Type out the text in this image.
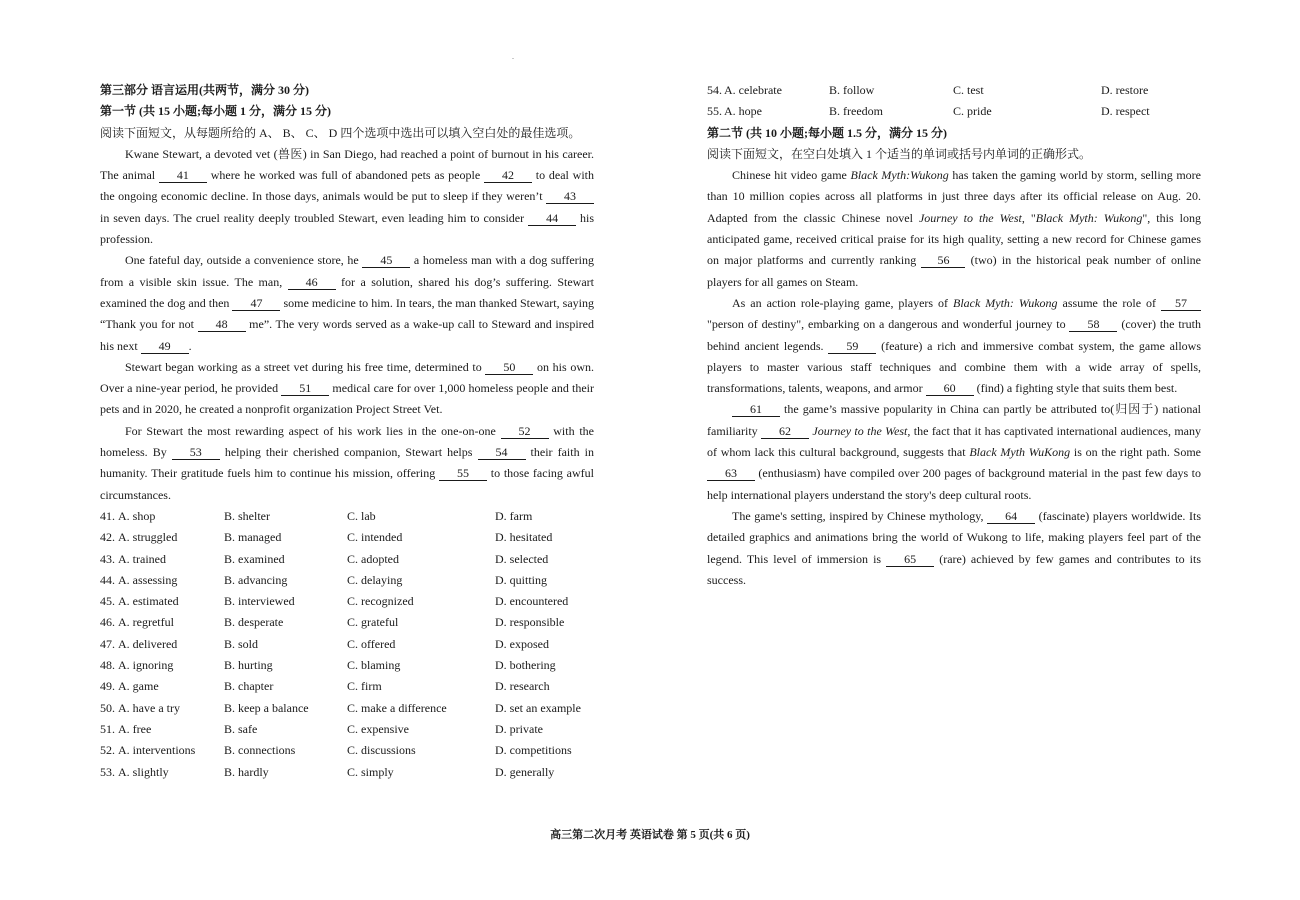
.
第三部分 语言运用(共两节，满分 30 分)
第一节 (共 15 小题;每小题 1 分，满分 15 分)

阅读下面短文，从每题所给的 A、 B、 C、 D 四个选项中选出可以填入空白处的最佳选项。

Kwane Stewart, a devoted vet (兽医) in San Diego, had reached a point of burnout in his career. The animal 41 where he worked was full of abandoned pets as people 42 to deal with the ongoing economic decline. In those days, animals would be put to sleep if they weren’t 43 in seven days. The cruel reality deeply troubled Stewart, even leading him to consider 44 his profession.

One fateful day, outside a convenience store, he 45 a homeless man with a dog suffering from a visible skin issue. The man, 46 for a solution, shared his dog’s suffering. Stewart examined the dog and then 47 some medicine to him. In tears, the man thanked Stewart, saying “Thank you for not 48 me”. The very words served as a wake-up call to Steward and inspired his next 49 .

Stewart began working as a street vet during his free time, determined to 50 on his own. Over a nine-year period, he provided 51 medical care for over 1,000 homeless people and their pets and in 2020, he created a nonprofit organization Project Street Vet.

For Stewart the most rewarding aspect of his work lies in the one-on-one 52 with the homeless. By 53 helping their cherished companion, Stewart helps 54 their faith in humanity. Their gratitude fuels him to continue his mission, offering 55 to those facing awful circumstances.

41. A. shop	B. shelter	C. lab	D. farm
42. A. struggled	B. managed	C. intended	D. hesitated
43. A. trained	B. examined	C. adopted	D. selected
44. A. assessing	B. advancing	C. delaying	D. quitting
45. A. estimated	B. interviewed	C. recognized	D. encountered
46. A. regretful	B. desperate	C. grateful	D. responsible
47. A. delivered	B. sold	C. offered	D. exposed
48. A. ignoring	B. hurting	C. blaming	D. bothering
49. A. game	B. chapter	C. firm	D. research
50. A. have a try	B. keep a balance	C. make a difference	D. set an example
51. A. free	B. safe	C. expensive	D. private
52. A. interventions B. connections	C. discussions	D. competitions
53. A. slightly	B. hardly	C. simply	D. generally
54. A. celebrate	B. follow	C. test	D. restore
55. A. hope	B. freedom	C. pride	D. respect
第二节 (共 10 小题;每小题 1.5 分，满分 15 分)
阅读下面短文，在空白处填入 1 个适当的单词或括号内单词的正确形式。

Chinese hit video game Black Myth:Wukong has taken the gaming world by storm, selling more than 10 million copies across all platforms in just three days after its official release on Aug. 20. Adapted from the classic Chinese novel Journey to the West, "Black Myth: Wukong", this long anticipated game, received critical praise for its high quality, setting a new record for Chinese games on major platforms and currently ranking 56 (two) in the historical peak number of online players for all games on Steam.

As an action role-playing game, players of Black Myth: Wukong assume the role of 57 "person of destiny", embarking on a dangerous and wonderful journey to 58 (cover) the truth behind ancient legends. 59 (feature) a rich and immersive combat system, the game allows players to master various staff techniques and combine them with a wide array of spells, transformations, talents, weapons, and armor 60 (find) a fighting style that suits them best.

61 the game’s massive popularity in China can partly be attributed to(归因于) national familiarity 62 Journey to the West, the fact that it has captivated international audiences, many of whom lack this cultural background, suggests that Black Myth WuKong is on the right path. Some 63 (enthusiasm) have compiled over 200 pages of background material in the past few days to help international players understand the story's deep cultural roots.

The game's setting, inspired by Chinese mythology, 64 (fascinate) players worldwide. Its detailed graphics and animations bring the world of Wukong to life, making players feel part of the legend. This level of immersion is 65 (rare) achieved by few games and contributes to its success.

高三第二次月考 英语试卷 第 5 页(共 6 页)
